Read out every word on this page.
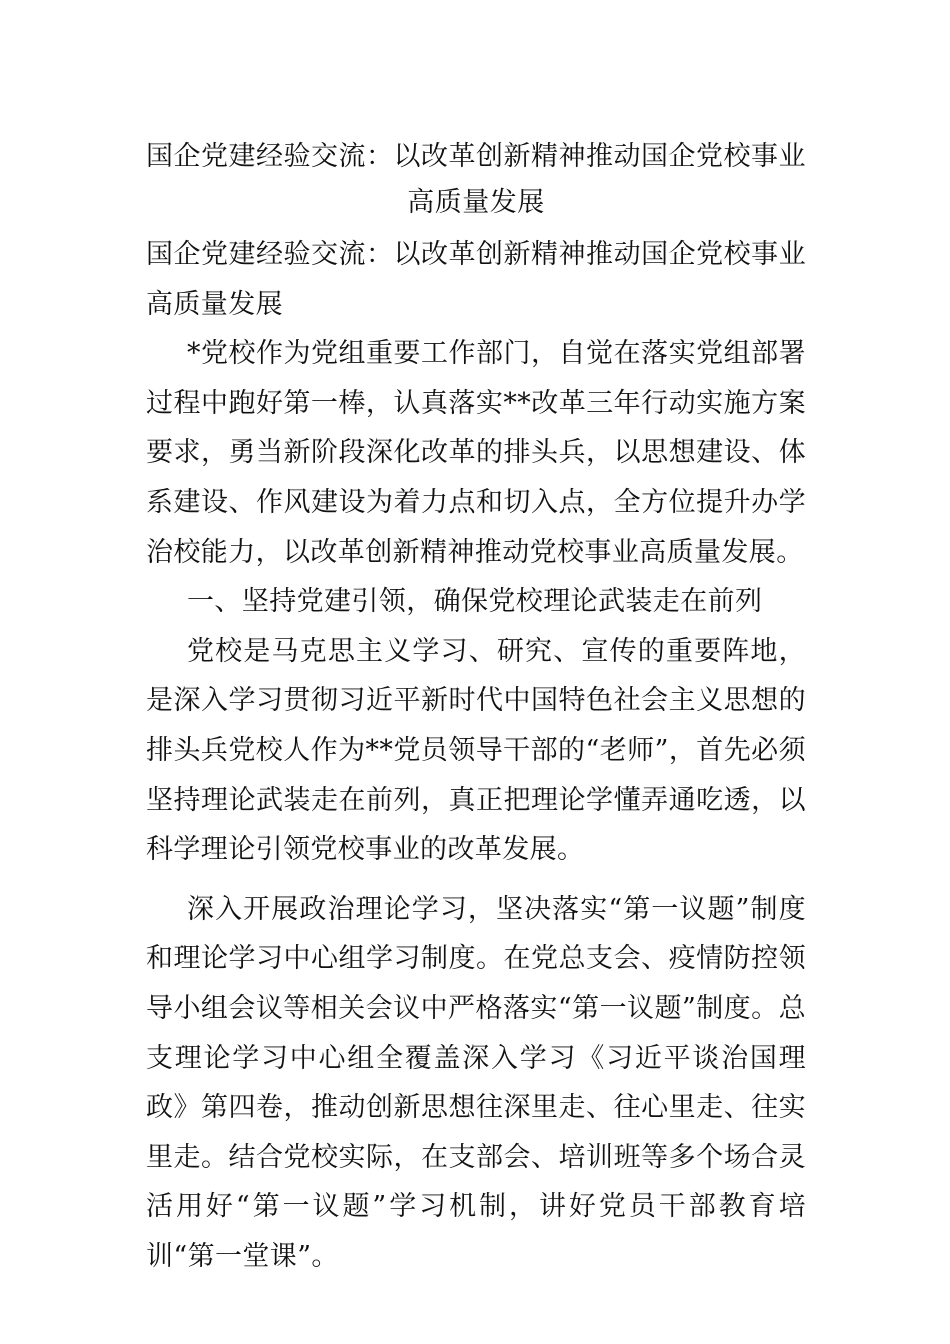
国企党建经验交流：以改革创新精神推动国企党校事业高质量发展

国企党建经验交流：以改革创新精神推动国企党校事业高质量发展

*党校作为党组重要工作部门，自觉在落实党组部署过程中跑好第一棒，认真落实**改革三年行动实施方案要求，勇当新阶段深化改革的排头兵，以思想建设、体系建设、作风建设为着力点和切入点，全方位提升办学治校能力，以改革创新精神推动党校事业高质量发展。

一、坚持党建引领，确保党校理论武装走在前列

党校是马克思主义学习、研究、宣传的重要阵地，是深入学习贯彻习近平新时代中国特色社会主义思想的排头兵党校人作为**党员领导干部的“老师”，首先必须坚持理论武装走在前列，真正把理论学懂弄通吃透，以科学理论引领党校事业的改革发展。

深入开展政治理论学习，坚决落实“第一议题”制度和理论学习中心组学习制度。在党总支会、疫情防控领导小组会议等相关会议中严格落实“第一议题”制度。总支理论学习中心组全覆盖深入学习《习近平谈治国理政》第四卷，推动创新思想往深里走、往心里走、往实里走。结合党校实际，在支部会、培训班等多个场合灵活用好“第一议题”学习机制，讲好党员干部教育培训“第一堂课”。
